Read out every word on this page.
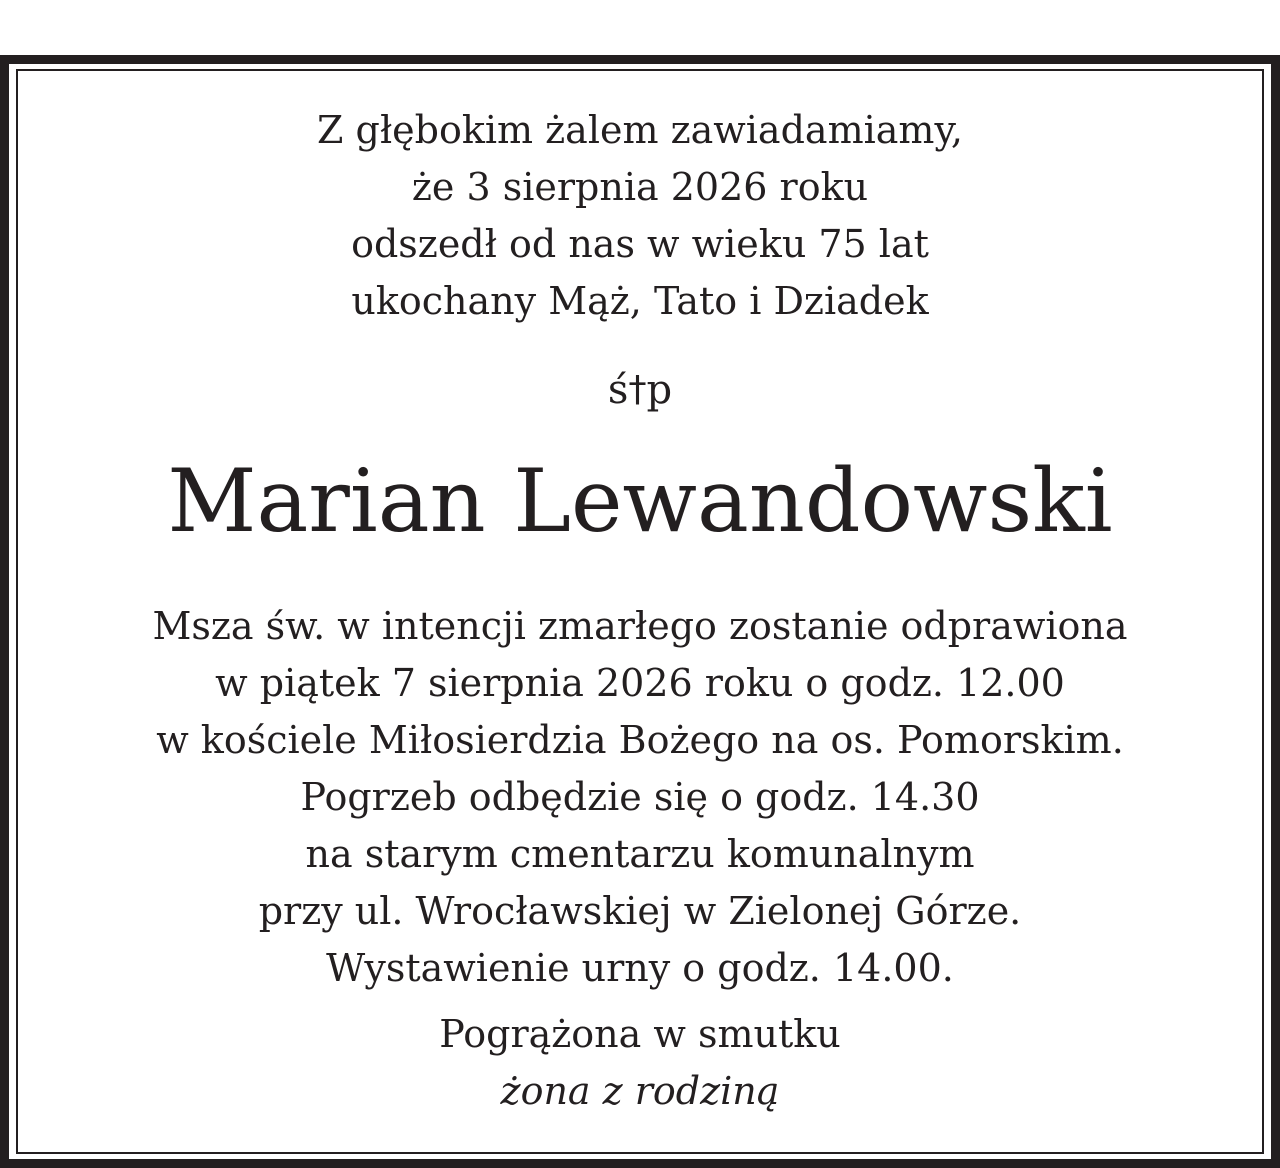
Z głębokim żalem zawiadamiamy,
że 3 sierpnia 2026 roku
odszedł od nas w wieku 75 lat
ukochany Mąż, Tato i Dziadek
ś†p
Marian Lewandowski
Msza św. w intencji zmarłego zostanie odprawiona
w piątek 7 sierpnia 2026 roku o godz. 12.00
w kościele Miłosierdzia Bożego na os. Pomorskim.
Pogrzeb odbędzie się o godz. 14.30
na starym cmentarzu komunalnym
przy ul. Wrocławskiej w Zielonej Górze.
Wystawienie urny o godz. 14.00.
Pogrążona w smutku
żona z rodziną
